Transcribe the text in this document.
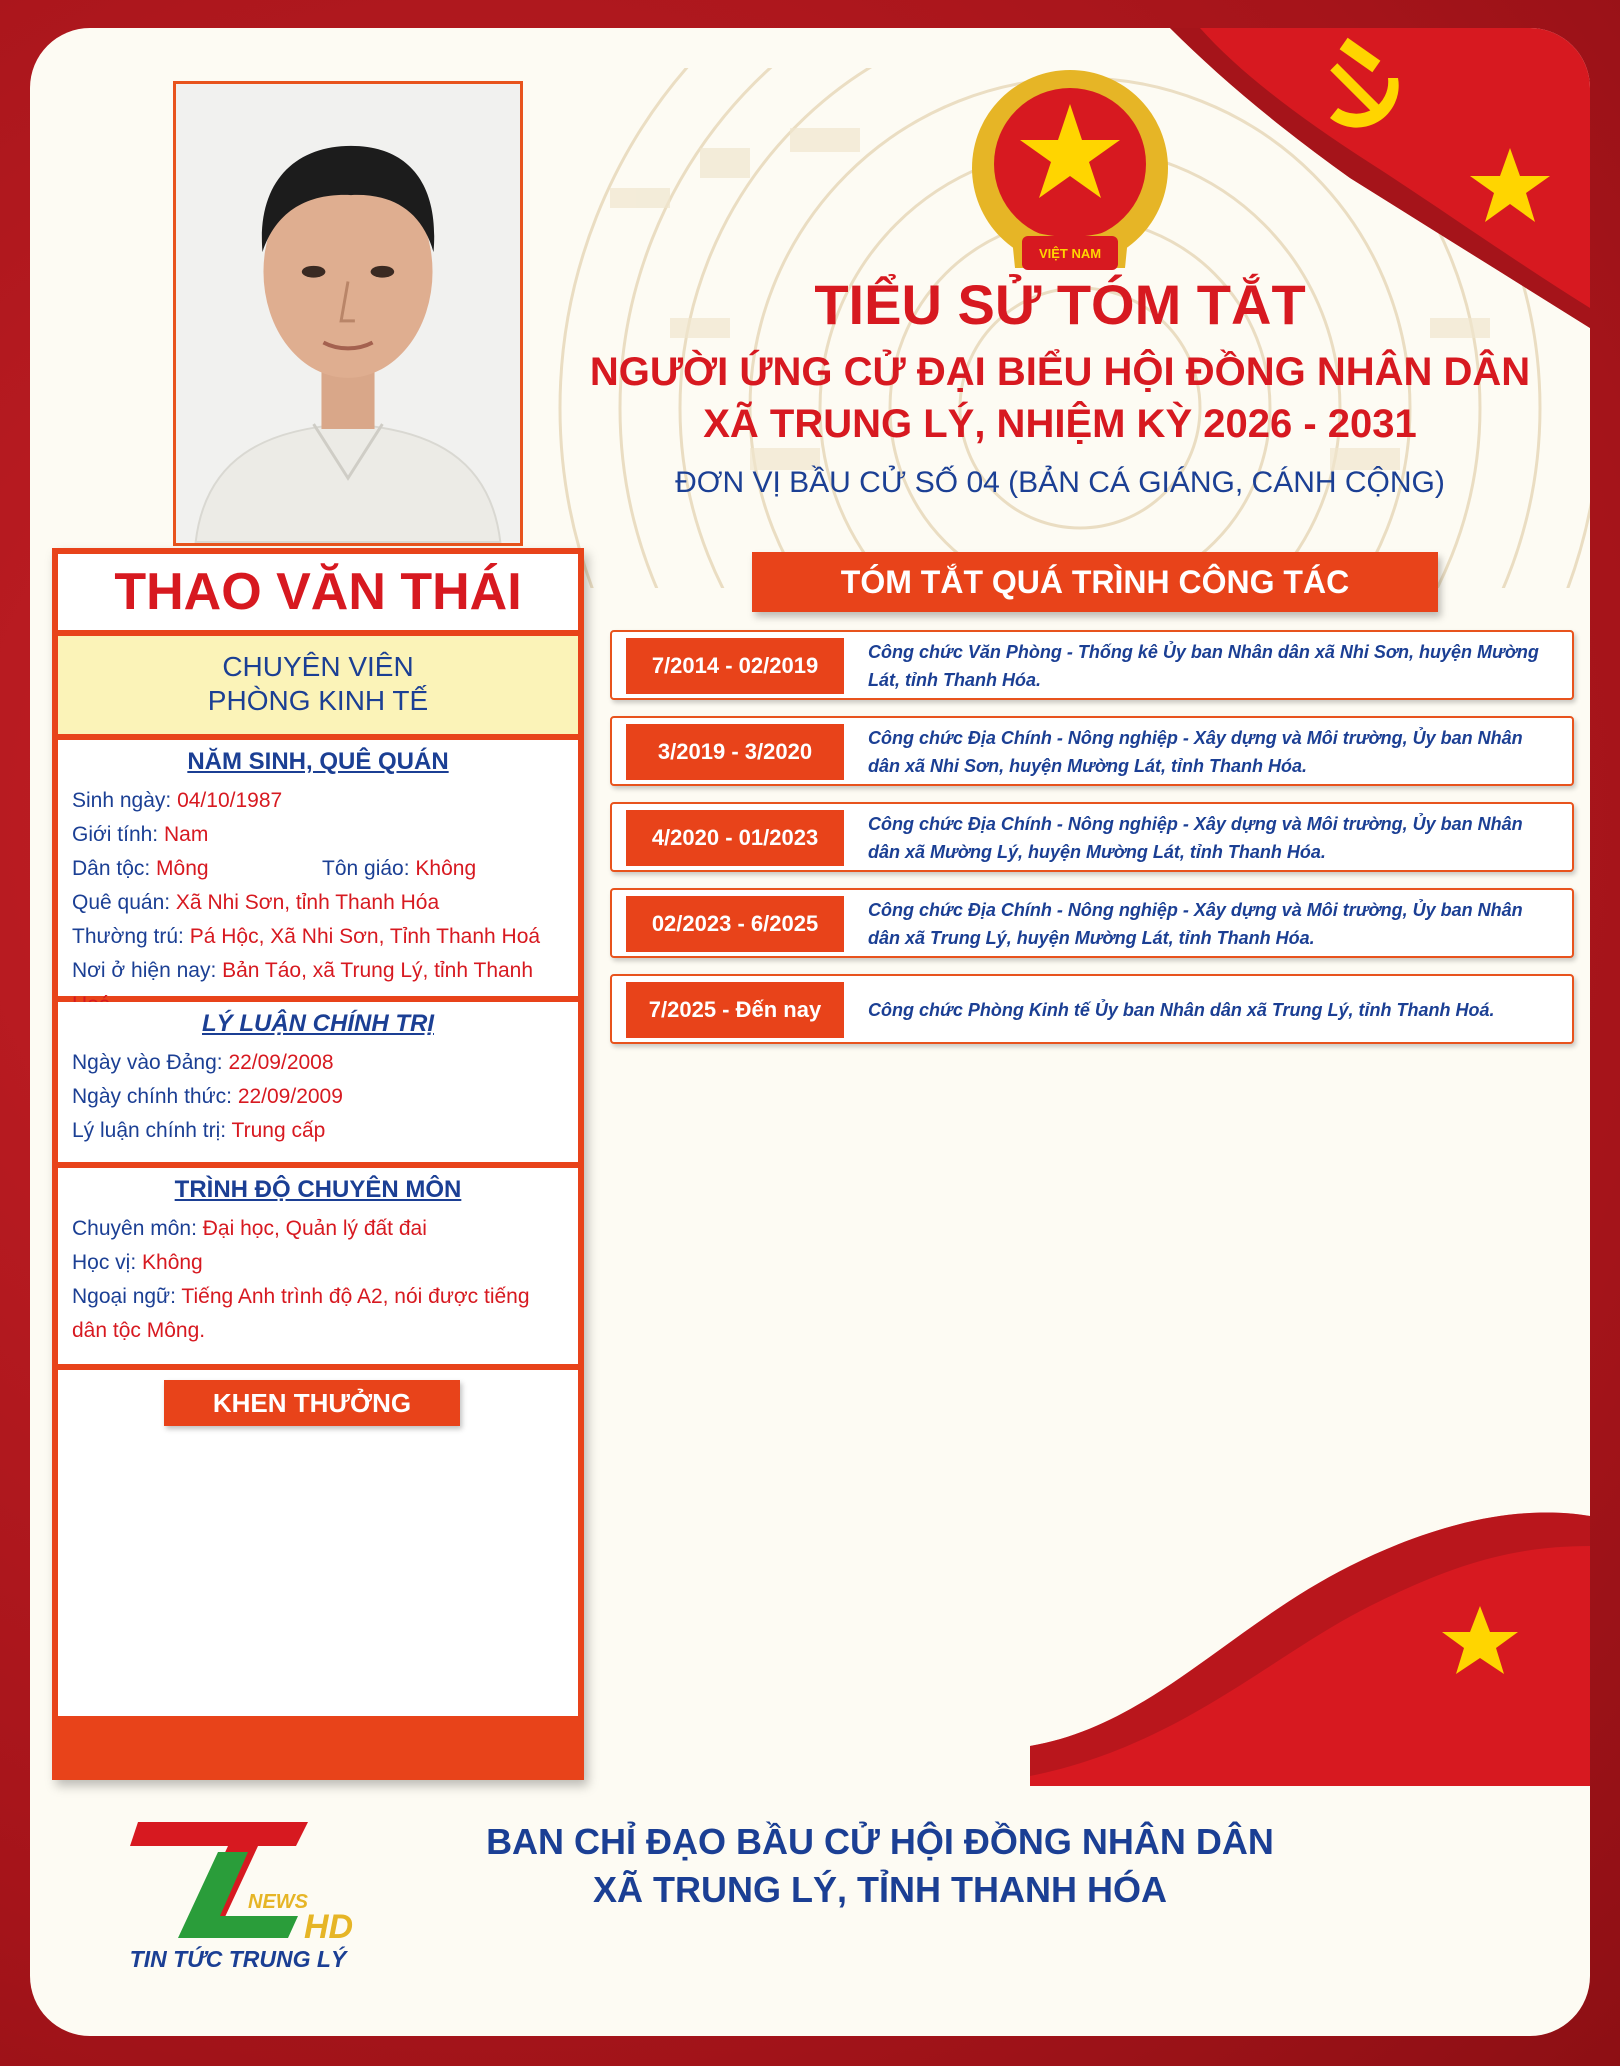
VIỆT NAM
TIỂU SỬ TÓM TẮT
NGƯỜI ỨNG CỬ ĐẠI BIỂU HỘI ĐỒNG NHÂN DÂN
XÃ TRUNG LÝ, NHIỆM KỲ 2026 - 2031
ĐƠN VỊ BẦU CỬ SỐ 04 (BẢN CÁ GIÁNG, CÁNH CỘNG)
THAO VĂN THÁI
CHUYÊN VIÊN
PHÒNG KINH TẾ
NĂM SINH, QUÊ QUÁN
Sinh ngày: 04/10/1987
Giới tính: Nam
Dân tộc: Mông	Tôn giáo: Không
Quê quán: Xã Nhi Sơn, tỉnh Thanh Hóa
Thường trú: Pá Hộc, Xã Nhi Sơn, Tỉnh Thanh Hoá
Nơi ở hiện nay: Bản Táo, xã Trung Lý, tỉnh Thanh
LÝ LUẬN CHÍNH TRỊ
Ngày vào Đảng: 22/09/2008
Ngày chính thức: 22/09/2009
Lý luận chính trị: Trung cấp
TRÌNH ĐỘ CHUYÊN MÔN
Chuyên môn: Đại học, Quản lý đất đai
Học vị: Không
Ngoại ngữ: Tiếng Anh trình độ A2, nói được tiếng dân tộc Mông.
KHEN THƯỞNG
TÓM TẮT QUÁ TRÌNH CÔNG TÁC
7/2014 - 02/2019
Công chức Văn Phòng - Thống kê Ủy ban Nhân dân xã Nhi Sơn, huyện Mường Lát, tỉnh Thanh Hóa.
3/2019 - 3/2020
Công chức Địa Chính - Nông nghiệp - Xây dựng và Môi trường, Ủy ban Nhân dân xã Nhi Sơn, huyện Mường Lát, tỉnh Thanh Hóa.
4/2020 - 01/2023
Công chức Địa Chính - Nông nghiệp - Xây dựng và Môi trường, Ủy ban Nhân dân xã Mường Lý, huyện Mường Lát, tỉnh Thanh Hóa.
02/2023 - 6/2025
Công chức Địa Chính - Nông nghiệp - Xây dựng và Môi trường, Ủy ban Nhân dân xã Trung Lý, huyện Mường Lát, tỉnh Thanh Hóa.
7/2025 - Đến nay	Công chức Phòng Kinh tế Ủy ban Nhân dân xã Trung Lý, tỉnh Thanh Hoá.
NEWS
HD
TIN TỨC TRUNG LÝ
BAN CHỈ ĐẠO BẦU CỬ HỘI ĐỒNG NHÂN DÂN
XÃ TRUNG LÝ, TỈNH THANH HÓA
